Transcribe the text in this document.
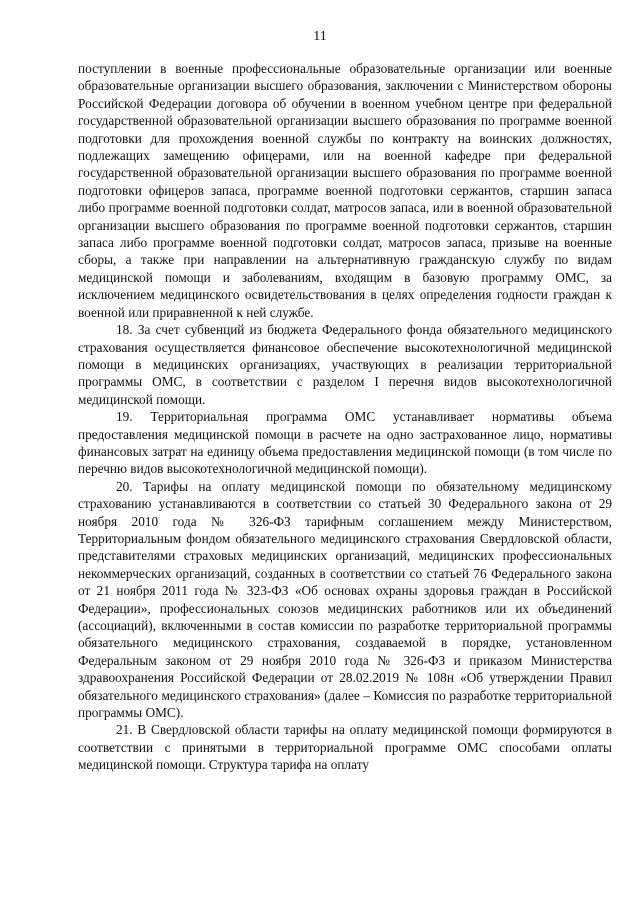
11

поступлении в военные профессиональные образовательные организации или военные образовательные организации высшего образования, заключении с Министерством обороны Российской Федерации договора об обучении в военном учебном центре при федеральной государственной образовательной организации высшего образования по программе военной подготовки для прохождения военной службы по контракту на воинских должностях, подлежащих замещению офицерами, или на военной кафедре при федеральной государственной образовательной организации высшего образования по программе военной подготовки офицеров запаса, программе военной подготовки сержантов, старшин запаса либо программе военной подготовки солдат, матросов запаса, или в военной образовательной организации высшего образования по программе военной подготовки сержантов, старшин запаса либо программе военной подготовки солдат, матросов запаса, призыве на военные сборы, а также при направлении на альтернативную гражданскую службу по видам медицинской помощи и заболеваниям, входящим в базовую программу ОМС, за исключением медицинского освидетельствования в целях определения годности граждан к военной или приравненной к ней службе.

18. За счет субвенций из бюджета Федерального фонда обязательного медицинского страхования осуществляется финансовое обеспечение высокотехнологичной медицинской помощи в медицинских организациях, участвующих в реализации территориальной программы ОМС, в соответствии с разделом I перечня видов высокотехнологичной медицинской помощи.

19. Территориальная программа ОМС устанавливает нормативы объема предоставления медицинской помощи в расчете на одно застрахованное лицо, нормативы финансовых затрат на единицу объема предоставления медицинской помощи (в том числе по перечню видов высокотехнологичной медицинской помощи).

20. Тарифы на оплату медицинской помощи по обязательному медицинскому страхованию устанавливаются в соответствии со статьей 30 Федерального закона от 29 ноября 2010 года № 326-ФЗ тарифным соглашением между Министерством, Территориальным фондом обязательного медицинского страхования Свердловской области, представителями страховых медицинских организаций, медицинских профессиональных некоммерческих организаций, созданных в соответствии со статьей 76 Федерального закона от 21 ноября 2011 года № 323-ФЗ «Об основах охраны здоровья граждан в Российской Федерации», профессиональных союзов медицинских работников или их объединений (ассоциаций), включенными в состав комиссии по разработке территориальной программы обязательного медицинского страхования, создаваемой в порядке, установленном Федеральным законом от 29 ноября 2010 года № 326-ФЗ и приказом Министерства здравоохранения Российской Федерации от 28.02.2019 № 108н «Об утверждении Правил обязательного медицинского страхования» (далее – Комиссия по разработке территориальной программы ОМС).

21. В Свердловской области тарифы на оплату медицинской помощи формируются в соответствии с принятыми в территориальной программе ОМС способами оплаты медицинской помощи. Структура тарифа на оплату
